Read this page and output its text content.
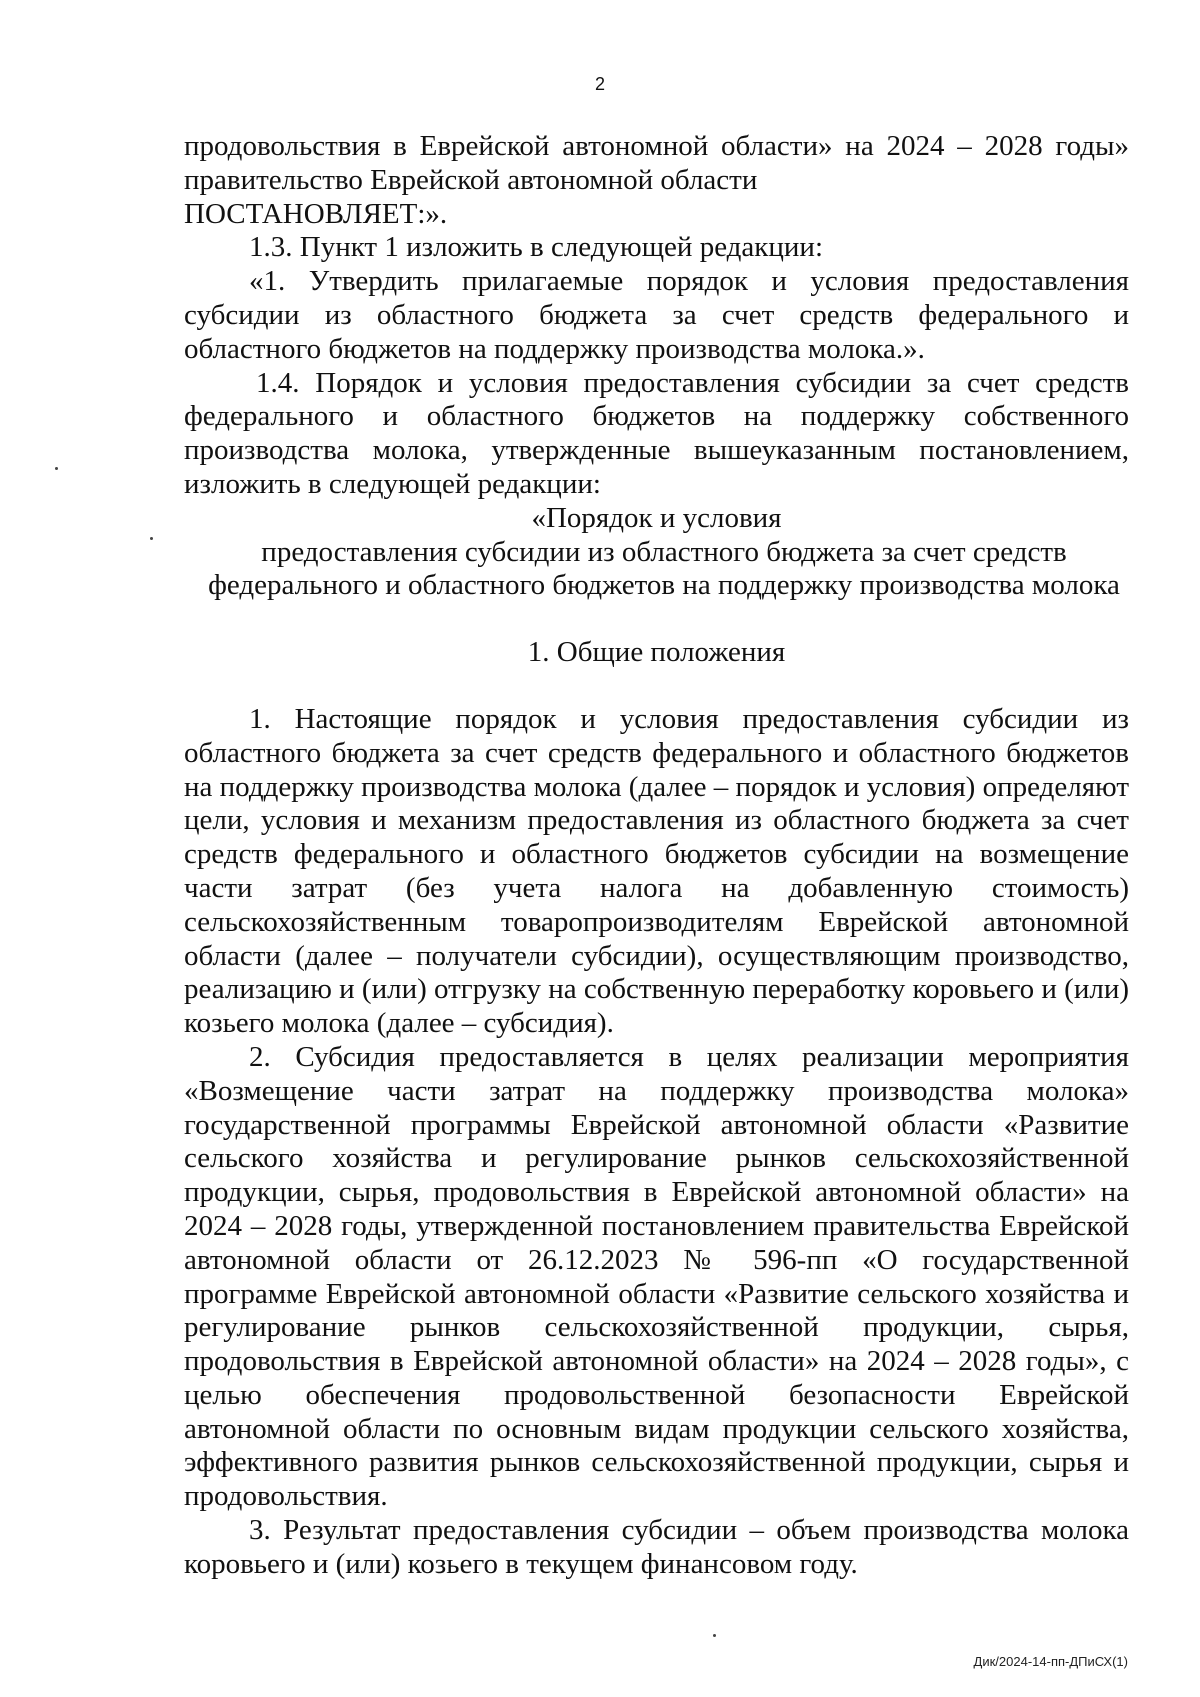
2

продовольствия в Еврейской автономной области» на 2024 – 2028 годы» правительство Еврейской автономной области

ПОСТАНОВЛЯЕТ:».

1.3. Пункт 1 изложить в следующей редакции:

«1. Утвердить прилагаемые порядок и условия предоставления субсидии из областного бюджета за счет средств федерального и областного бюджетов на поддержку производства молока.».

1.4. Порядок и условия предоставления субсидии за счет средств федерального и областного бюджетов на поддержку собственного производства молока, утвержденные вышеуказанным постановлением, изложить в следующей редакции:

«Порядок и условия

предоставления субсидии из областного бюджета за счет средств

федерального и областного бюджетов на поддержку производства молока

1. Общие положения

1. Настоящие порядок и условия предоставления субсидии из областного бюджета за счет средств федерального и областного бюджетов на поддержку производства молока (далее – порядок и условия) определяют цели, условия и механизм предоставления из областного бюджета за счет средств федерального и областного бюджетов субсидии на возмещение части затрат (без учета налога на добавленную стоимость) сельскохозяйственным товаропроизводителям Еврейской автономной области (далее – получатели субсидии), осуществляющим производство, реализацию и (или) отгрузку на собственную переработку коровьего и (или) козьего молока (далее – субсидия).

2. Субсидия предоставляется в целях реализации мероприятия «Возмещение части затрат на поддержку производства молока» государственной программы Еврейской автономной области «Развитие сельского хозяйства и регулирование рынков сельскохозяйственной продукции, сырья, продовольствия в Еврейской автономной области» на 2024 – 2028 годы, утвержденной постановлением правительства Еврейской автономной области от 26.12.2023 № 596-пп «О государственной программе Еврейской автономной области «Развитие сельского хозяйства и регулирование рынков сельскохозяйственной продукции, сырья, продовольствия в Еврейской автономной области» на 2024 – 2028 годы», с целью обеспечения продовольственной безопасности Еврейской автономной области по основным видам продукции сельского хозяйства, эффективного развития рынков сельскохозяйственной продукции, сырья и продовольствия.

3. Результат предоставления субсидии – объем производства молока коровьего и (или) козьего в текущем финансовом году.

Дик/2024-14-пп-ДПиСХ(1)
